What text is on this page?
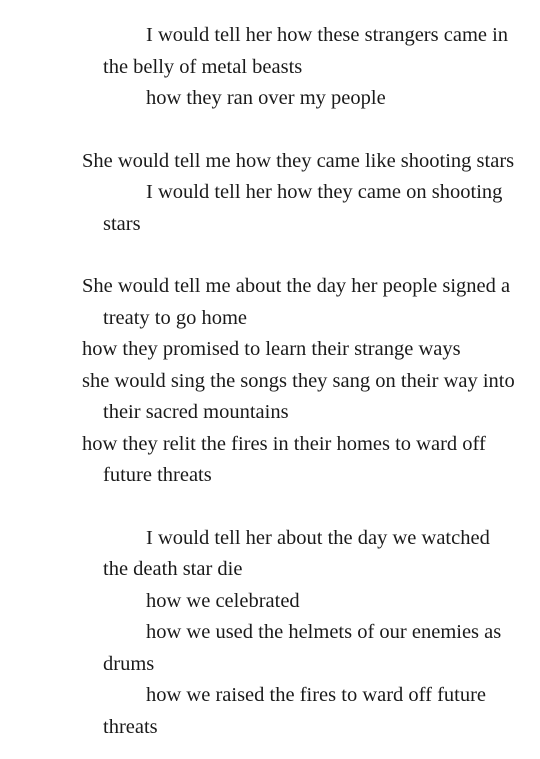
I would tell her how these strangers came in

the belly of metal beasts

how they ran over my people

She would tell me how they came like shooting stars

I would tell her how they came on shooting

stars

She would tell me about the day her people signed a

treaty to go home

how they promised to learn their strange ways

she would sing the songs they sang on their way into

their sacred mountains

how they relit the fires in their homes to ward off

future threats

I would tell her about the day we watched

the death star die

how we celebrated

how we used the helmets of our enemies as

drums

how we raised the fires to ward off future

threats
